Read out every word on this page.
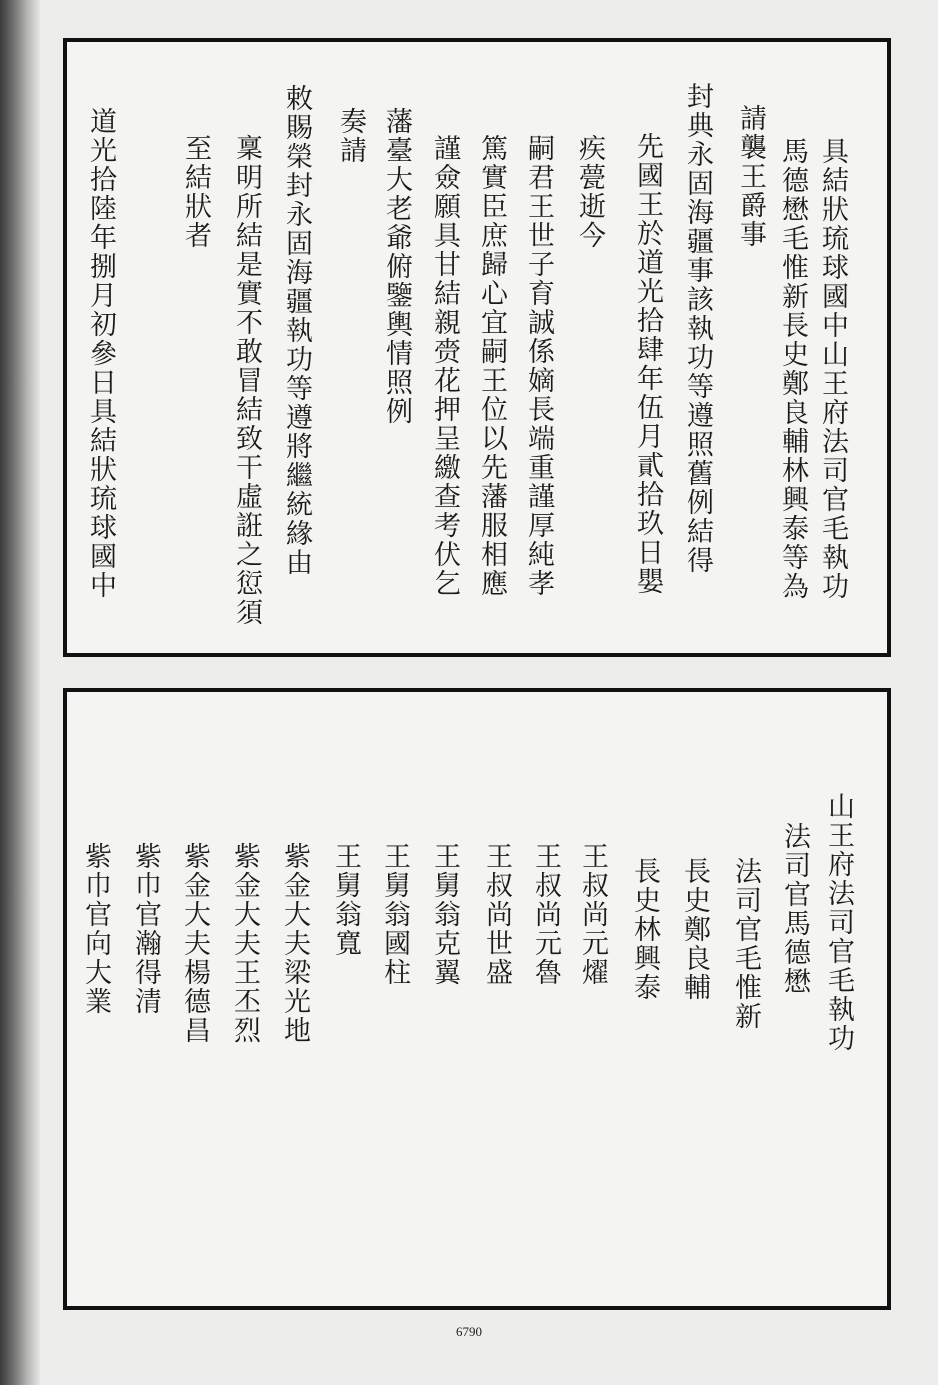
具結狀琉球國中山王府法司官毛執功
馬德懋毛惟新長史鄭良輔林興泰等為
請襲王爵事
封典永固海疆事該執功等遵照舊例結得
先國王於道光拾肆年伍月貳拾玖日嬰
疾甍逝今
嗣君王世子育誠係嫡長端重謹厚純孝
篤實臣庶歸心宜嗣王位以先藩服相應
謹僉願具甘結親赍花押呈繳查考伏乞
藩臺大老爺俯鑒輿情照例
奏請
敕賜榮封永固海疆執功等遵將繼統緣由
稟明所結是實不敢冒結致干虛誑之愆須
至結狀者
道光拾陸年捌月初參日具結狀琉球國中
山王府法司官毛執功
法司官馬德懋
法司官毛惟新
長史鄭良輔
長史林興泰
王叔尚元燿
王叔尚元魯
王叔尚世盛
王舅翁克翼
王舅翁國柱
王舅翁寬
紫金大夫梁光地
紫金大夫王丕烈
紫金大夫楊德昌
紫巾官瀚得清
紫巾官向大業
6790
